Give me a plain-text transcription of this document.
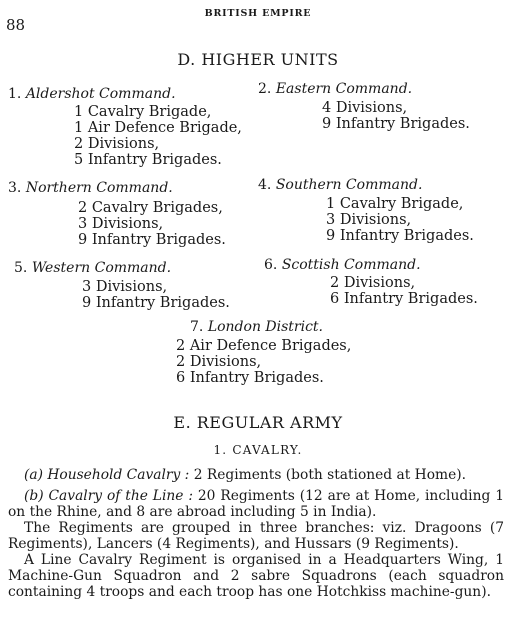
88
BRITISH EMPIRE
D. HIGHER UNITS
1. Aldershot Command.
1 Cavalry Brigade,
1 Air Defence Brigade,
2 Divisions,
5 Infantry Brigades.
2. Eastern Command.
4 Divisions,
9 Infantry Brigades.
3. Northern Command.
2 Cavalry Brigades,
3 Divisions,
9 Infantry Brigades.
4. Southern Command.
1 Cavalry Brigade,
3 Divisions,
9 Infantry Brigades.
5. Western Command.
3 Divisions,
9 Infantry Brigades.
6. Scottish Command.
2 Divisions,
6 Infantry Brigades.
7. London District.
2 Air Defence Brigades,
2 Divisions,
6 Infantry Brigades.
E. REGULAR ARMY
1. CAVALRY.
(a) Household Cavalry : 2 Regiments (both stationed at Home).
(b) Cavalry of the Line : 20 Regiments (12 are at Home, including 1 on the Rhine, and 8 are abroad including 5 in India).
The Regiments are grouped in three branches: viz. Dragoons (7 Regiments), Lancers (4 Regiments), and Hussars (9 Regiments).
A Line Cavalry Regiment is organised in a Headquarters Wing, 1 Machine-Gun Squadron and 2 sabre Squadrons (each squadron containing 4 troops and each troop has one Hotchkiss machine-gun).
